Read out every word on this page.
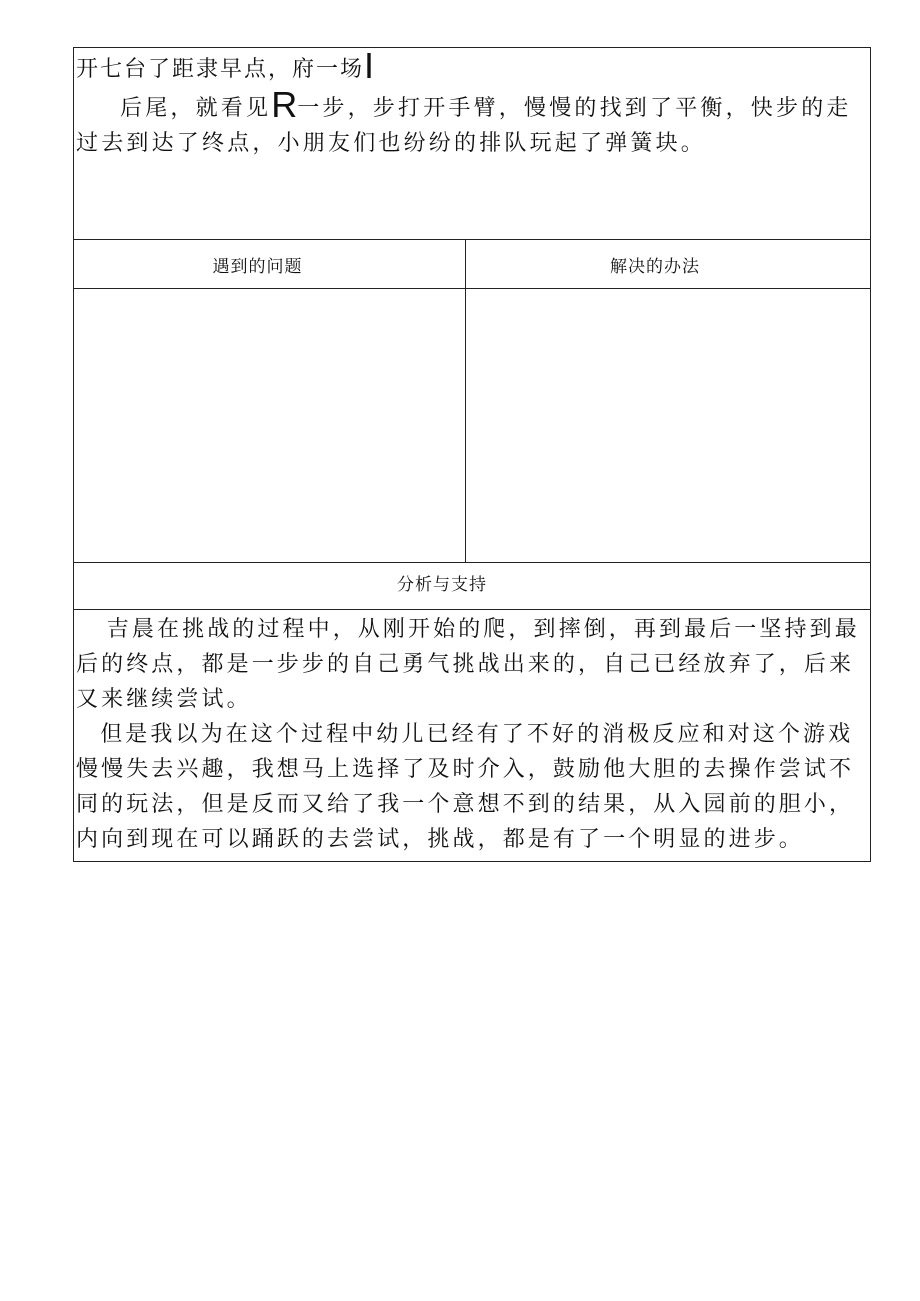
开七台了距隶早点，府一场I
后尾，就看见R一步，步打开手臂，慢慢的找到了平衡，快步的走过去到达了终点，小朋友们也纷纷的排队玩起了弹簧块。
遇到的问题	解决的办法
分析与支持

吉晨在挑战的过程中，从刚开始的爬，到摔倒，再到最后一坚持到最后的终点，都是一步步的自己勇气挑战出来的，自己已经放弃了，后来又来继续尝试。

但是我以为在这个过程中幼儿已经有了不好的消极反应和对这个游戏慢慢失去兴趣，我想马上选择了及时介入，鼓励他大胆的去操作尝试不同的玩法，但是反而又给了我一个意想不到的结果，从入园前的胆小，内向到现在可以踊跃的去尝试，挑战，都是有了一个明显的进步。
